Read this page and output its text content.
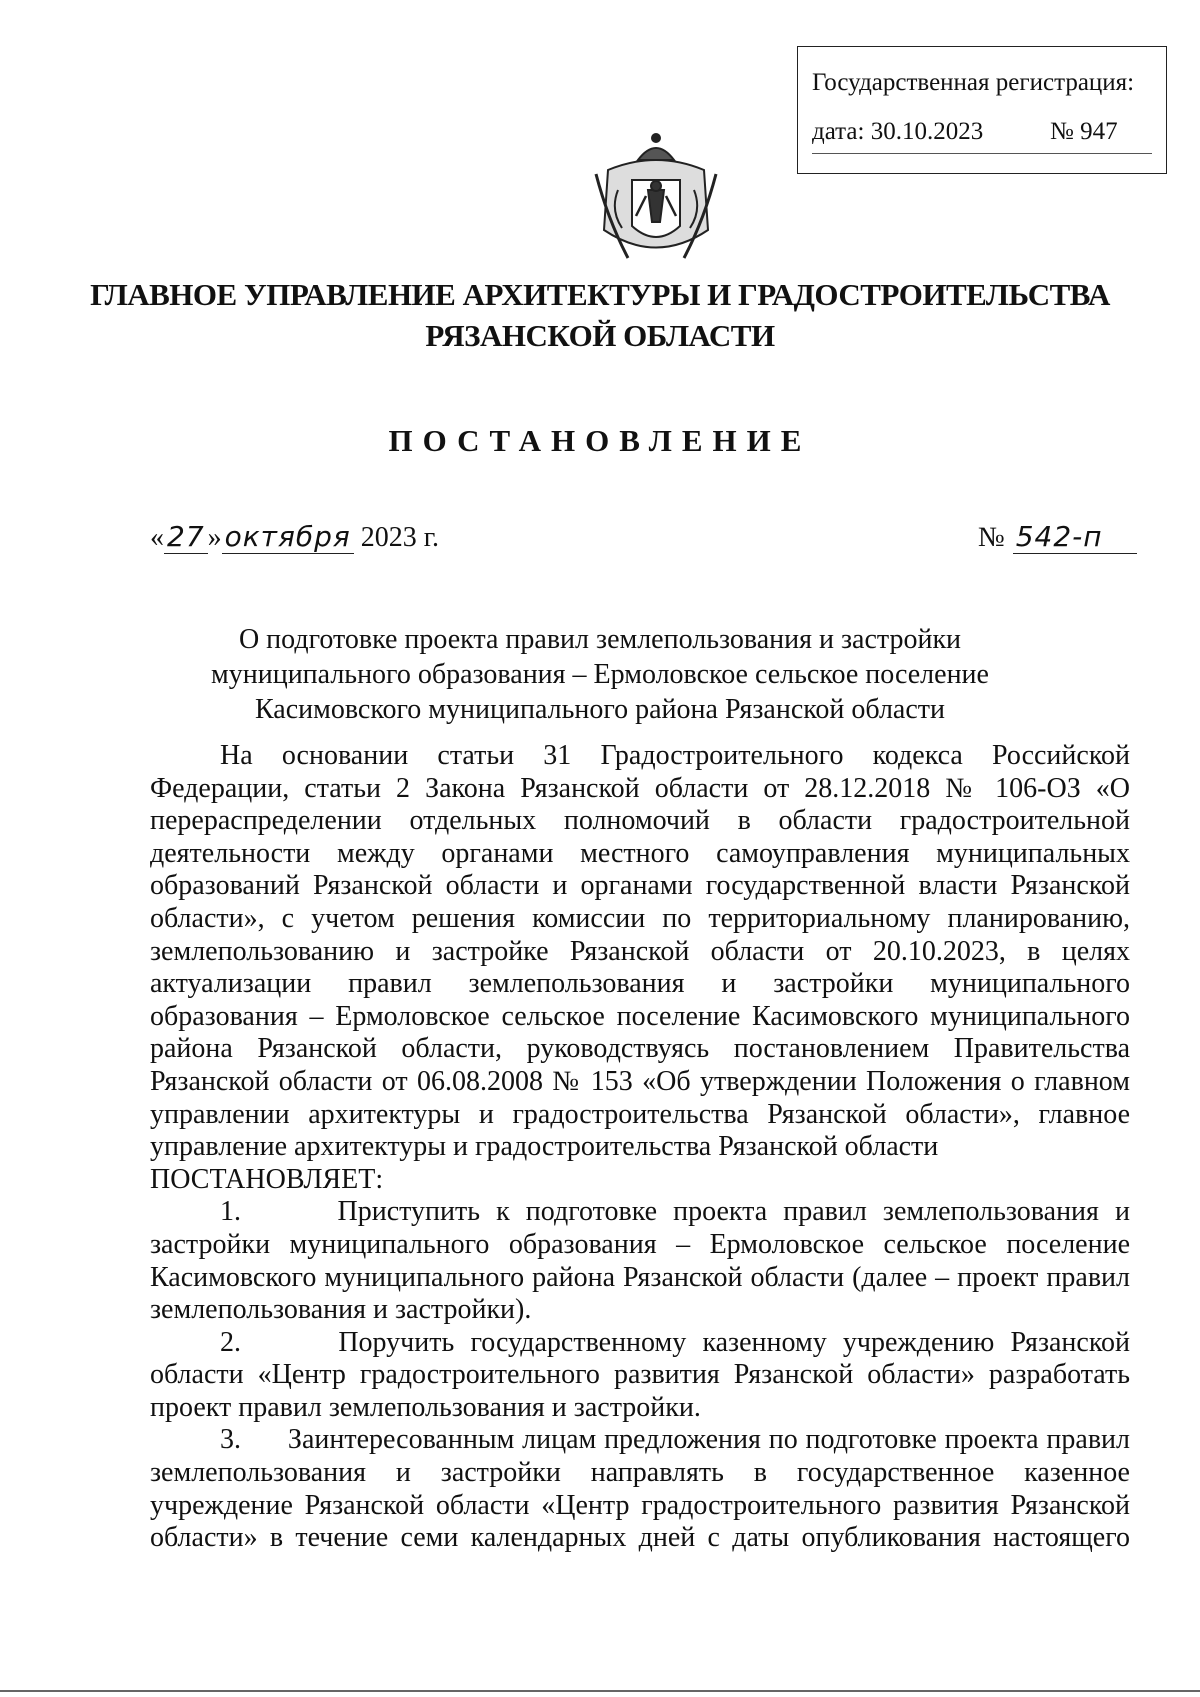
Государственная регистрация:
дата: 30.10.2023	№ 947
ГЛАВНОЕ УПРАВЛЕНИЕ АРХИТЕКТУРЫ И ГРАДОСТРОИТЕЛЬСТВА
РЯЗАНСКОЙ ОБЛАСТИ
ПОСТАНОВЛЕНИЕ
« 27 » октября 2023 г.	№ 542-п
О подготовке проекта правил землепользования и застройки
муниципального образования – Ермоловское сельское поселение
Касимовского муниципального района Рязанской области

На основании статьи 31 Градостроительного кодекса Российской Федерации, статьи 2 Закона Рязанской области от 28.12.2018 № 106-ОЗ «О перераспределении отдельных полномочий в области градостроительной деятельности между органами местного самоуправления муниципальных образований Рязанской области и органами государственной власти Рязанской области», с учетом решения комиссии по территориальному планированию, землепользованию и застройке Рязанской области от 20.10.2023, в целях актуализации правил землепользования и застройки муниципального образования – Ермоловское сельское поселение Касимовского муниципального района Рязанской области, руководствуясь постановлением Правительства Рязанской области от 06.08.2008 № 153 «Об утверждении Положения о главном управлении архитектуры и градостроительства Рязанской области», главное управление архитектуры и градостроительства Рязанской области

ПОСТАНОВЛЯЕТ:

1.	Приступить к подготовке проекта правил землепользования и застройки муниципального образования – Ермоловское сельское поселение Касимовского муниципального района Рязанской области (далее – проект правил землепользования и застройки).

2.	Поручить государственному казенному учреждению Рязанской области «Центр градостроительного развития Рязанской области» разработать проект правил землепользования и застройки.

3. Заинтересованным лицам предложения по подготовке проекта правил землепользования и застройки направлять в государственное казенное учреждение Рязанской области «Центр градостроительного развития Рязанской области» в течение семи календарных дней с даты опубликования настоящего
